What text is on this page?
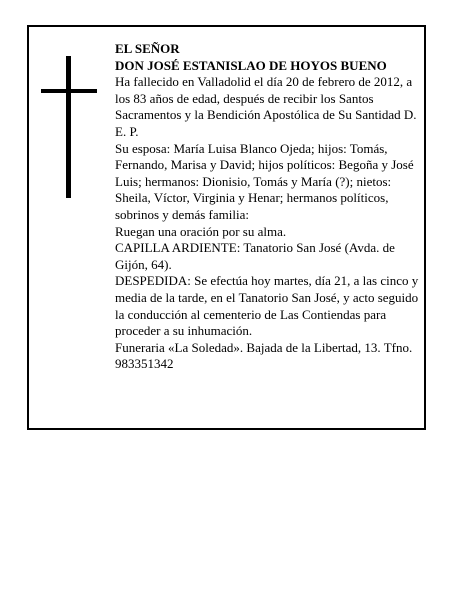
EL SEÑOR

DON JOSÉ ESTANISLAO DE HOYOS BUENO

Ha fallecido en Valladolid el día 20 de febrero de 2012, a los 83 años de edad, después de recibir los Santos Sacramentos y la Bendición Apostólica de Su Santidad D. E. P.

Su esposa: María Luisa Blanco Ojeda; hijos: Tomás, Fernando, Marisa y David; hijos políticos: Begoña y José Luis; hermanos: Dionisio, Tomás y María (?); nietos: Sheila, Víctor, Virginia y Henar; hermanos políticos, sobrinos y demás familia:

Ruegan una oración por su alma.

CAPILLA ARDIENTE: Tanatorio San José (Avda. de Gijón, 64).

DESPEDIDA: Se efectúa hoy martes, día 21, a las cinco y media de la tarde, en el Tanatorio San José, y acto seguido la conducción al cementerio de Las Contiendas para proceder a su inhumación.

Funeraria «La Soledad». Bajada de la Libertad, 13. Tfno. 983351342
